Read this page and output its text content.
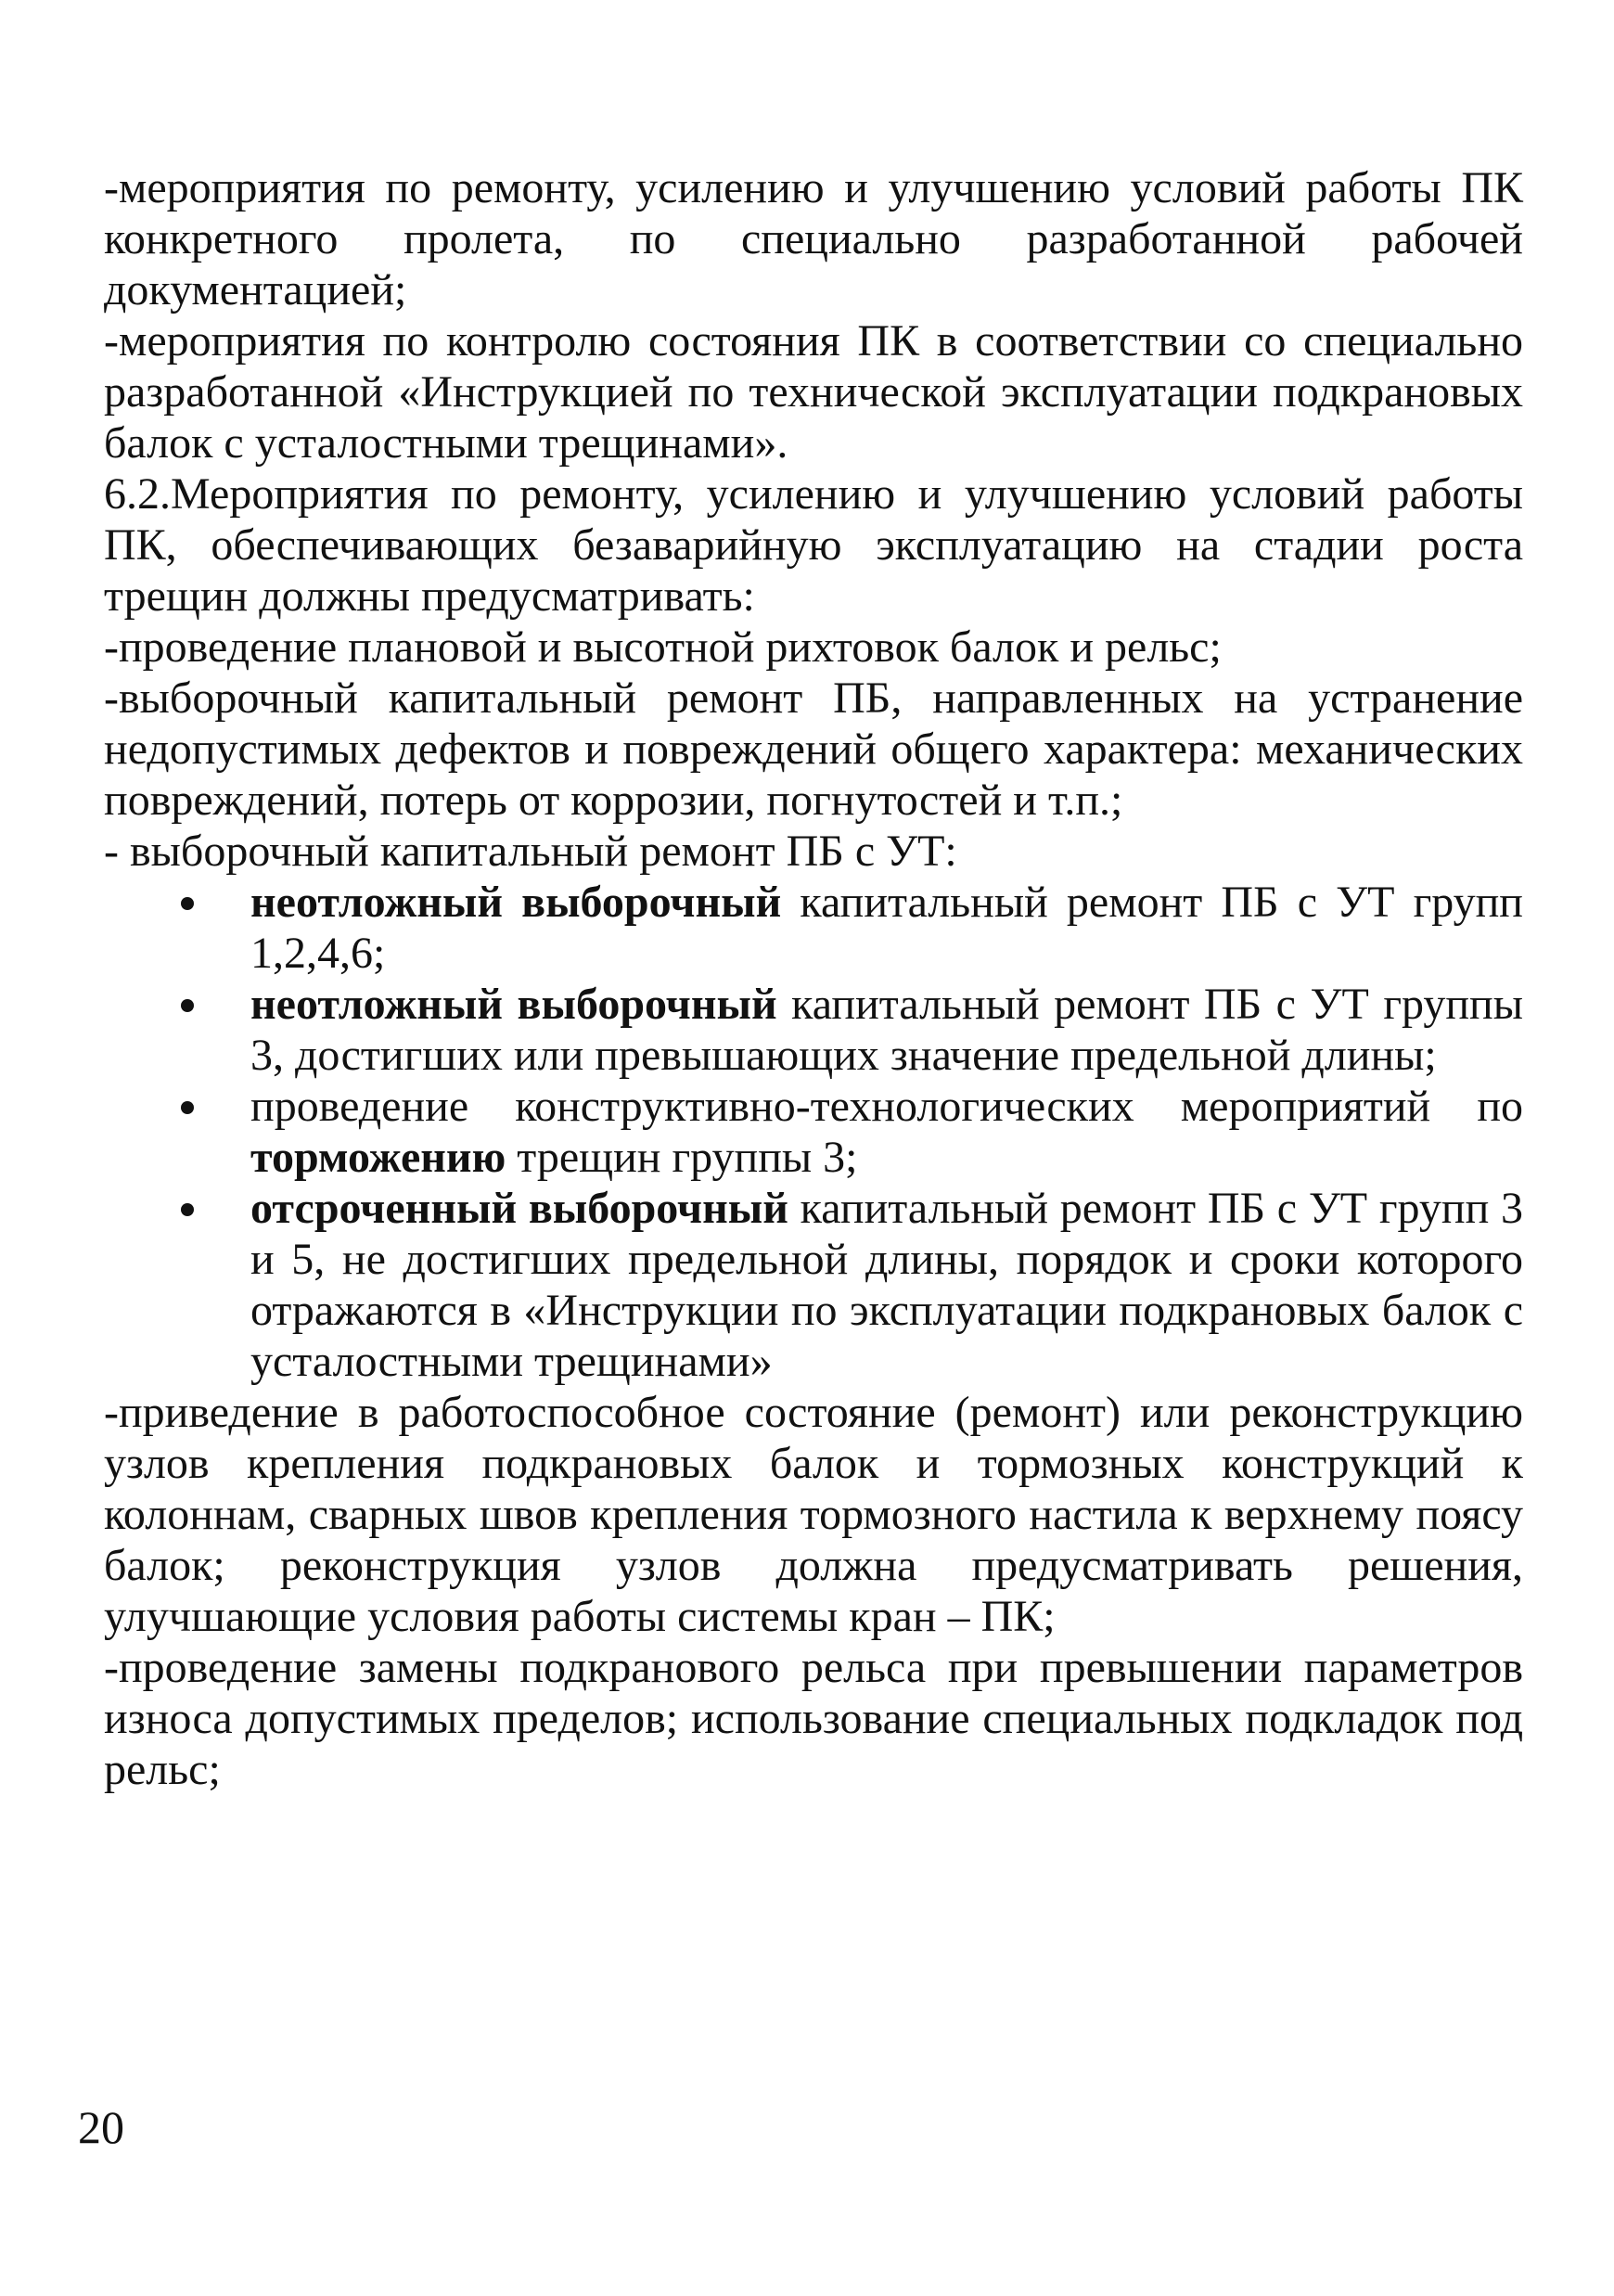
-мероприятия по ремонту, усилению и улучшению условий работы ПК конкретного пролета, по специально разработанной рабочей документацией;

-мероприятия по контролю состояния ПК в соответствии со специально разработанной «Инструкцией по технической эксплуатации подкрановых балок с усталостными трещинами».

6.2.Мероприятия по ремонту, усилению и улучшению условий работы ПК, обеспечивающих безаварийную эксплуатацию на стадии роста трещин должны предусматривать:

-проведение плановой и высотной рихтовок балок и рельс;

-выборочный капитальный ремонт ПБ, направленных на устранение недопустимых дефектов и повреждений общего характера: механических повреждений, потерь от коррозии, погнутостей и т.п.;

- выборочный капитальный ремонт ПБ с УТ:

неотложный выборочный капитальный ремонт ПБ с УТ групп 1,2,4,6;
неотложный выборочный капитальный ремонт ПБ с УТ группы 3, достигших или превышающих значение предельной длины;
проведение конструктивно-технологических мероприятий по торможению трещин группы 3;
отсроченный выборочный капитальный ремонт ПБ с УТ групп 3 и 5, не достигших предельной длины, порядок и сроки которого отражаются в «Инструкции по эксплуатации подкрановых балок с усталостными трещинами»

-приведение в работоспособное состояние (ремонт) или реконструкцию узлов крепления подкрановых балок и тормозных конструкций к колоннам, сварных швов крепления тормозного настила к верхнему поясу балок; реконструкция узлов должна предусматривать решения, улучшающие условия работы системы кран – ПК;

-проведение замены подкранового рельса при превышении параметров износа допустимых пределов; использование специальных подкладок под рельс;

20
